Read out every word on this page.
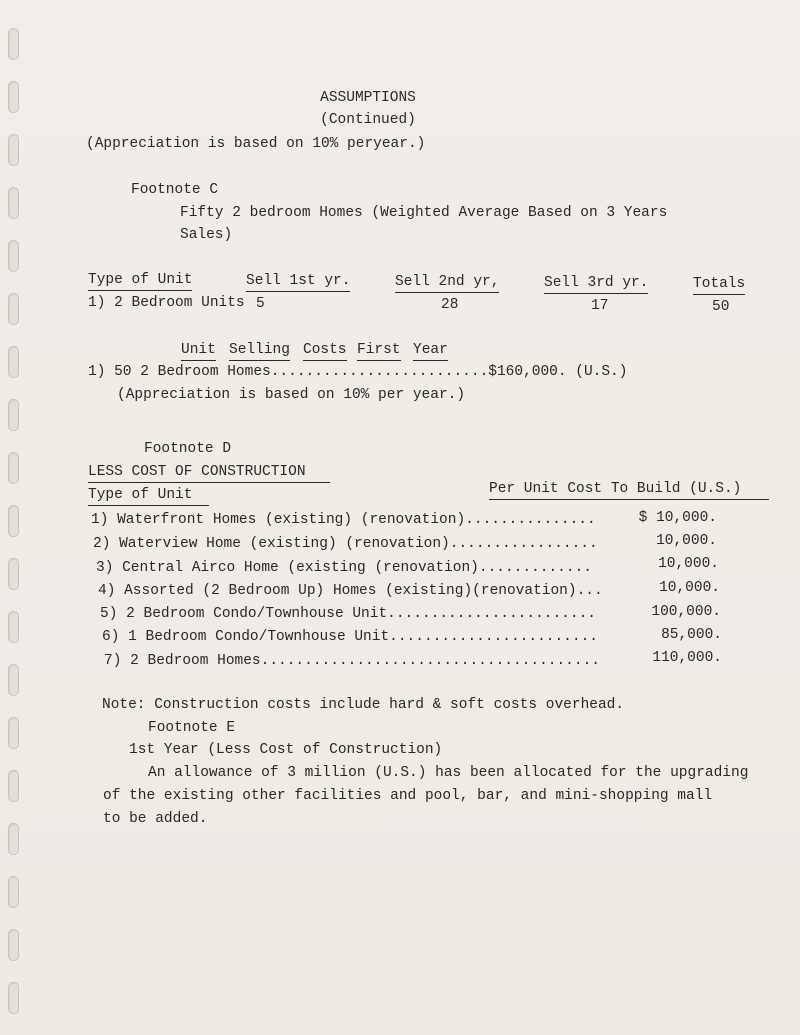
ASSUMPTIONS
(Continued)
(Appreciation is based on 10% peryear.)
Footnote C
Fifty 2 bedroom Homes (Weighted Average Based on 3 Years
Sales)
Type of Unit	Sell 1st yr.	Sell 2nd yr,	Sell 3rd yr.	Totals
1) 2 Bedroom Units 5	28	17	50
Unit Selling Costs First Year
1) 50 2 Bedroom Homes.........................$160,000. (U.S.)
(Appreciation is based on 10% per year.)
Footnote D
LESS COST OF CONSTRUCTION
Type of Unit	Per Unit Cost To Build (U.S.)
1) Waterfront Homes (existing) (renovation)...............	$ 10,000.
2) Waterview Home (existing) (renovation).................	10,000.
3) Central Airco Home (existing (renovation).............	10,000.
4) Assorted (2 Bedroom Up) Homes (existing)(renovation)...	10,000.
5) 2 Bedroom Condo/Townhouse Unit........................	100,000.
6) 1 Bedroom Condo/Townhouse Unit........................	85,000.
7) 2 Bedroom Homes.......................................	110,000.
Note: Construction costs include hard & soft costs overhead.
Footnote E
1st Year (Less Cost of Construction)
An allowance of 3 million (U.S.) has been allocated for the upgrading
of the existing other facilities and pool, bar, and mini-shopping mall
to be added.
